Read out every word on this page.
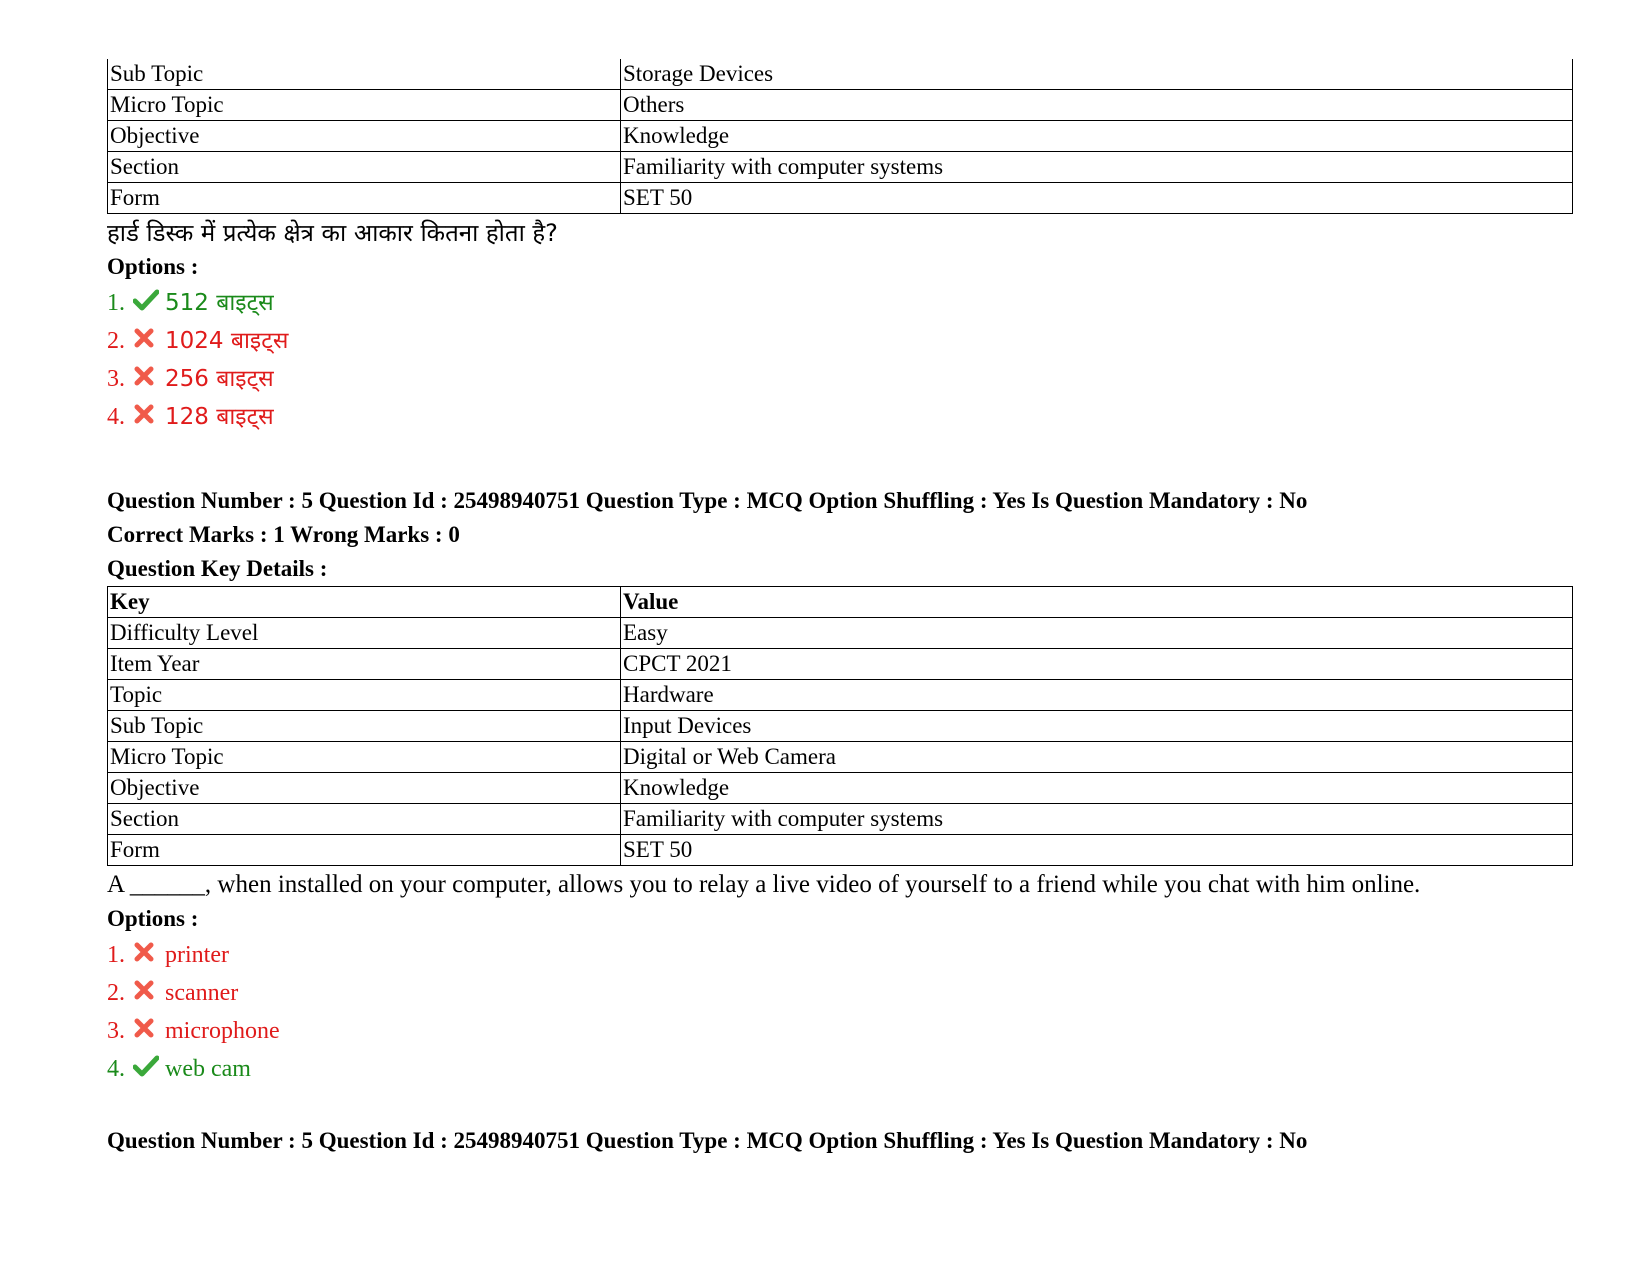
Sub Topic	Storage Devices
Micro Topic	Others
Objective	Knowledge
Section	Familiarity with computer systems
Form	SET 50
हार्ड डिस्क में प्रत्येक क्षेत्र का आकार कितना होता है?
Options :
1.	512 बाइट्स
2.	1024 बाइट्स
3.	256 बाइट्स
4.	128 बाइट्स
Question Number : 5 Question Id : 25498940751 Question Type : MCQ Option Shuffling : Yes Is Question Mandatory : No
Correct Marks : 1 Wrong Marks : 0
Question Key Details :
Key	Value
Difficulty Level	Easy
Item Year	CPCT 2021
Topic	Hardware
Sub Topic	Input Devices
Micro Topic	Digital or Web Camera
Objective	Knowledge
Section	Familiarity with computer systems
Form	SET 50
A ______, when installed on your computer, allows you to relay a live video of yourself to a friend while you chat with him online.
Options :
1.	printer
2.	scanner
3.	microphone
4.	web cam
Question Number : 5 Question Id : 25498940751 Question Type : MCQ Option Shuffling : Yes Is Question Mandatory : No
